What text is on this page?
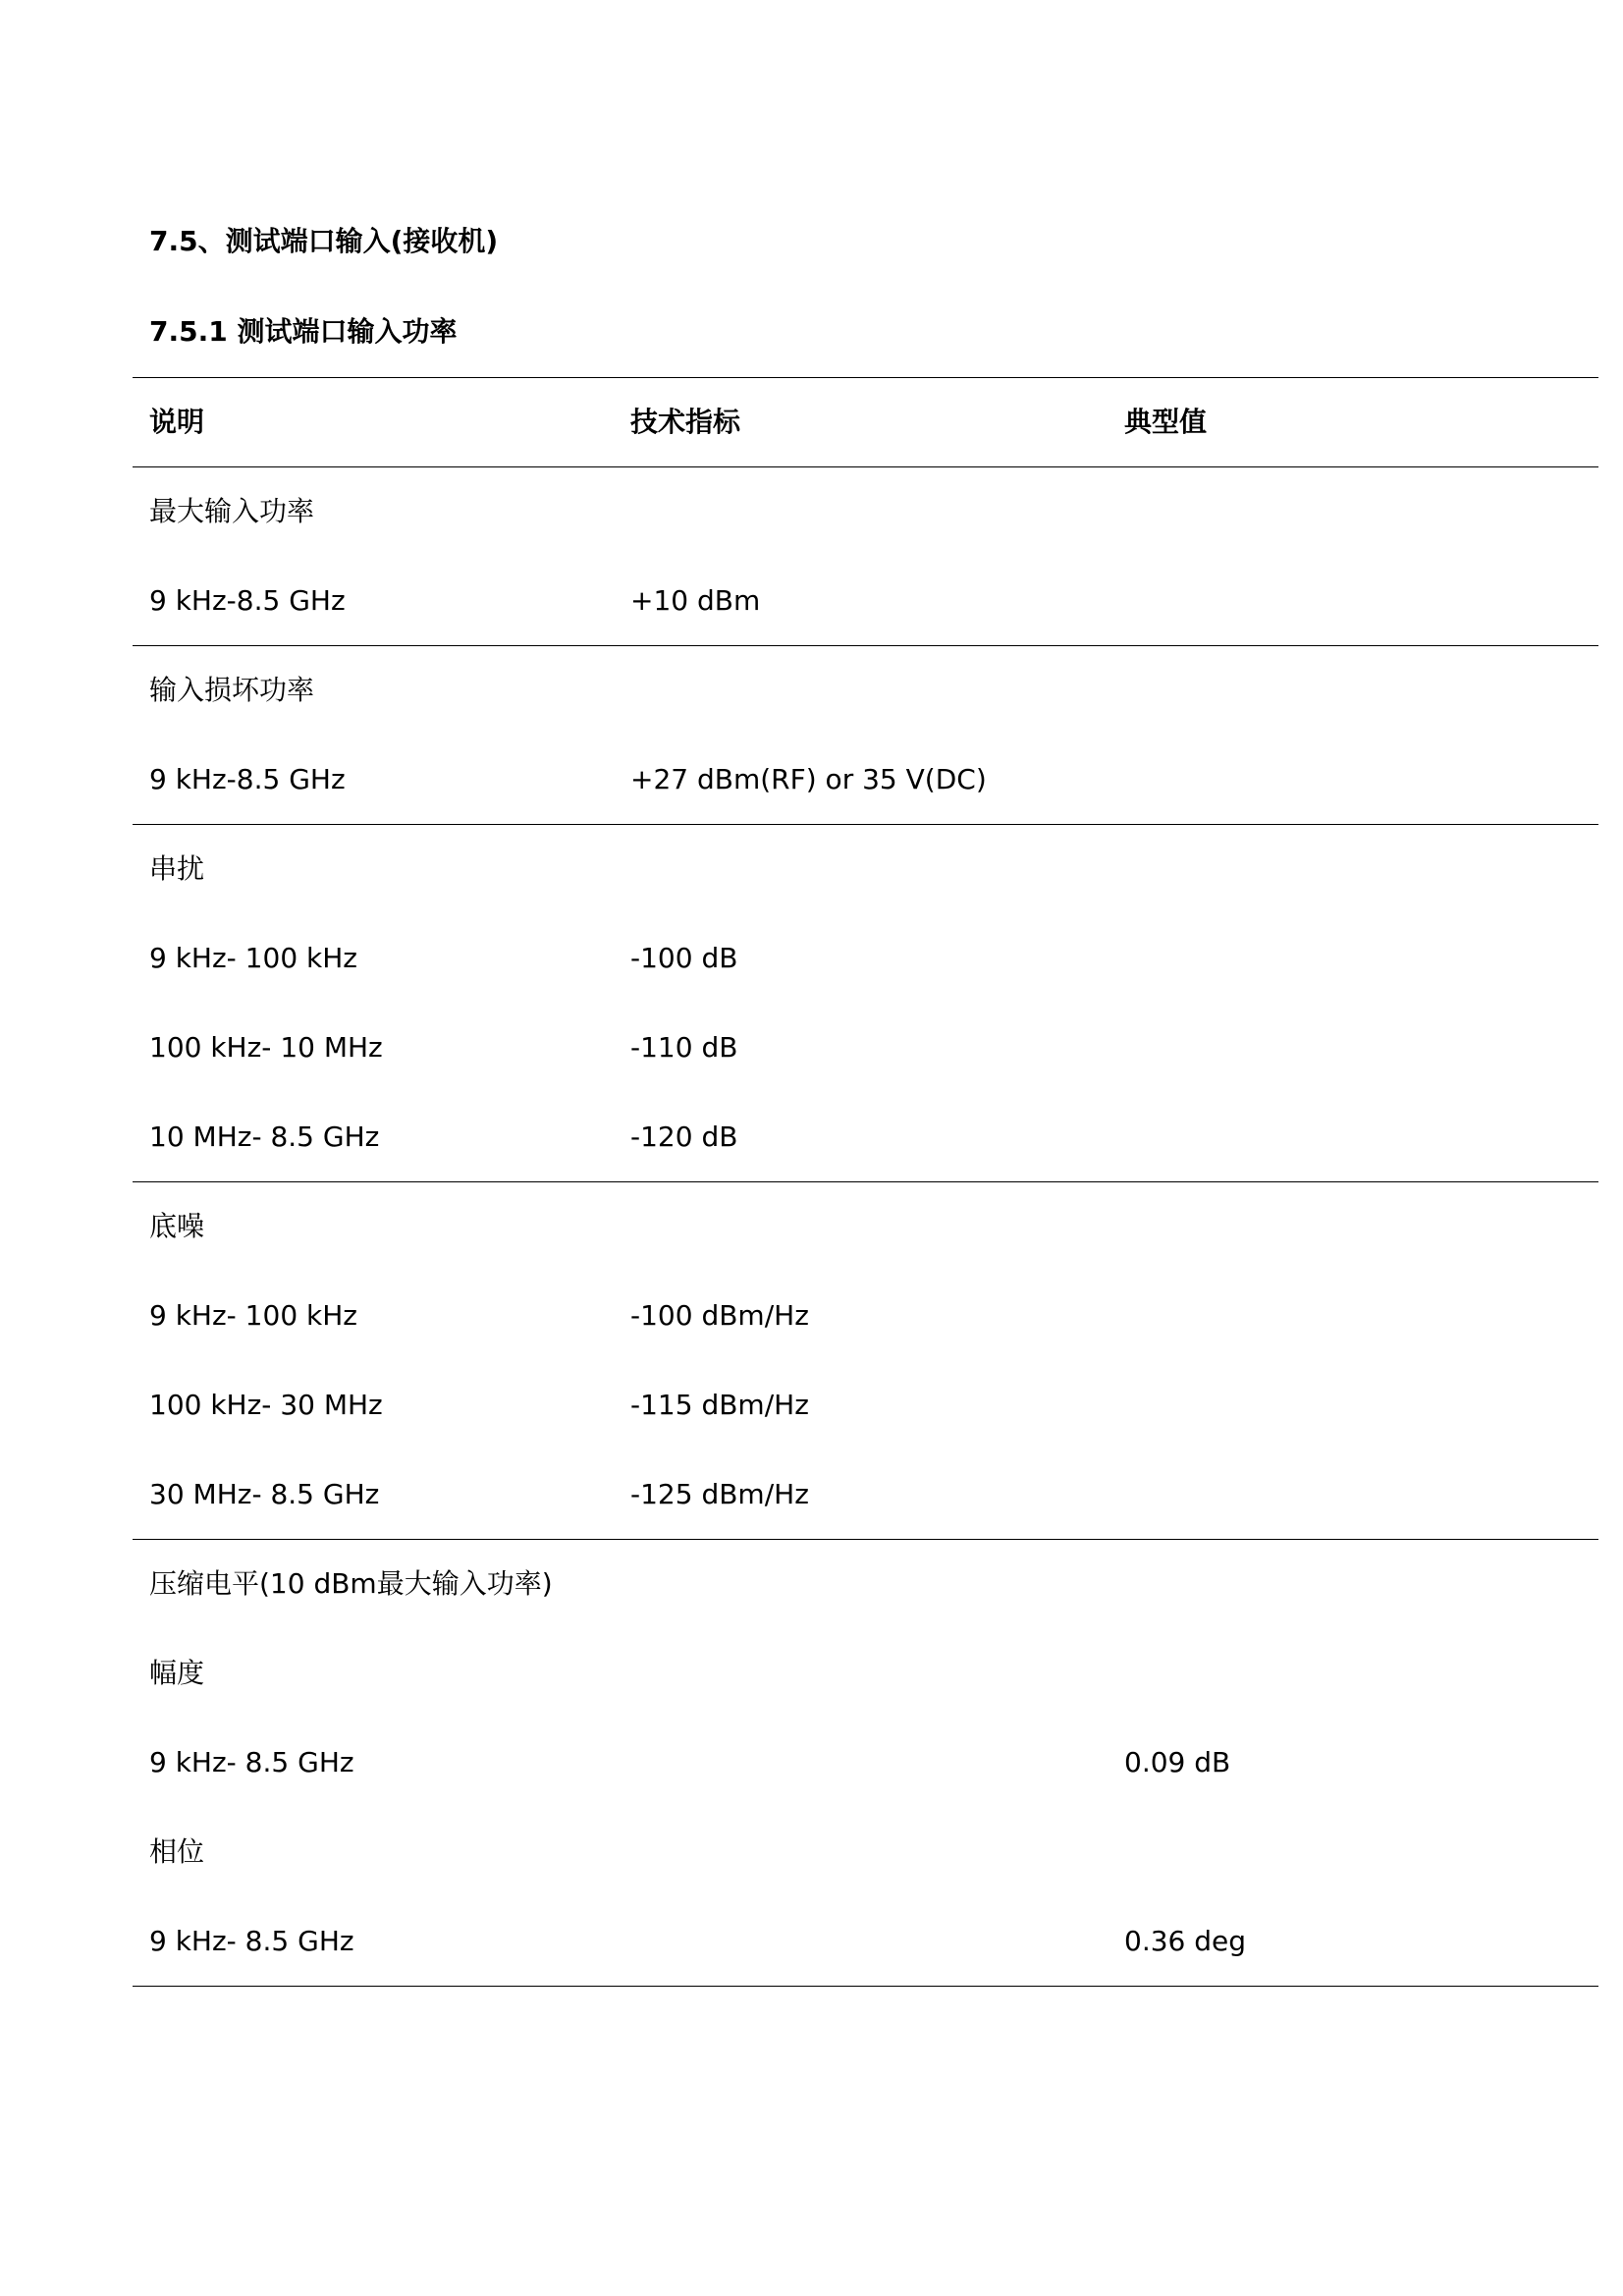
7.5、测试端口输入(接收机)
7.5.1 测试端口输入功率
说明	技术指标	典型值
最大输入功率		
9 kHz-8.5 GHz	+10 dBm	
输入损坏功率		
9 kHz-8.5 GHz	+27 dBm(RF) or 35 V(DC)	
串扰		
9 kHz- 100 kHz	-100 dB	
100 kHz- 10 MHz	-110 dB	
10 MHz- 8.5 GHz	-120 dB	
底噪		
9 kHz- 100 kHz	-100 dBm/Hz	
100 kHz- 30 MHz	-115 dBm/Hz	
30 MHz- 8.5 GHz	-125 dBm/Hz	
压缩电平(10 dBm最大输入功率)		
幅度		
9 kHz- 8.5 GHz		0.09 dB
相位		
9 kHz- 8.5 GHz		0.36 deg
